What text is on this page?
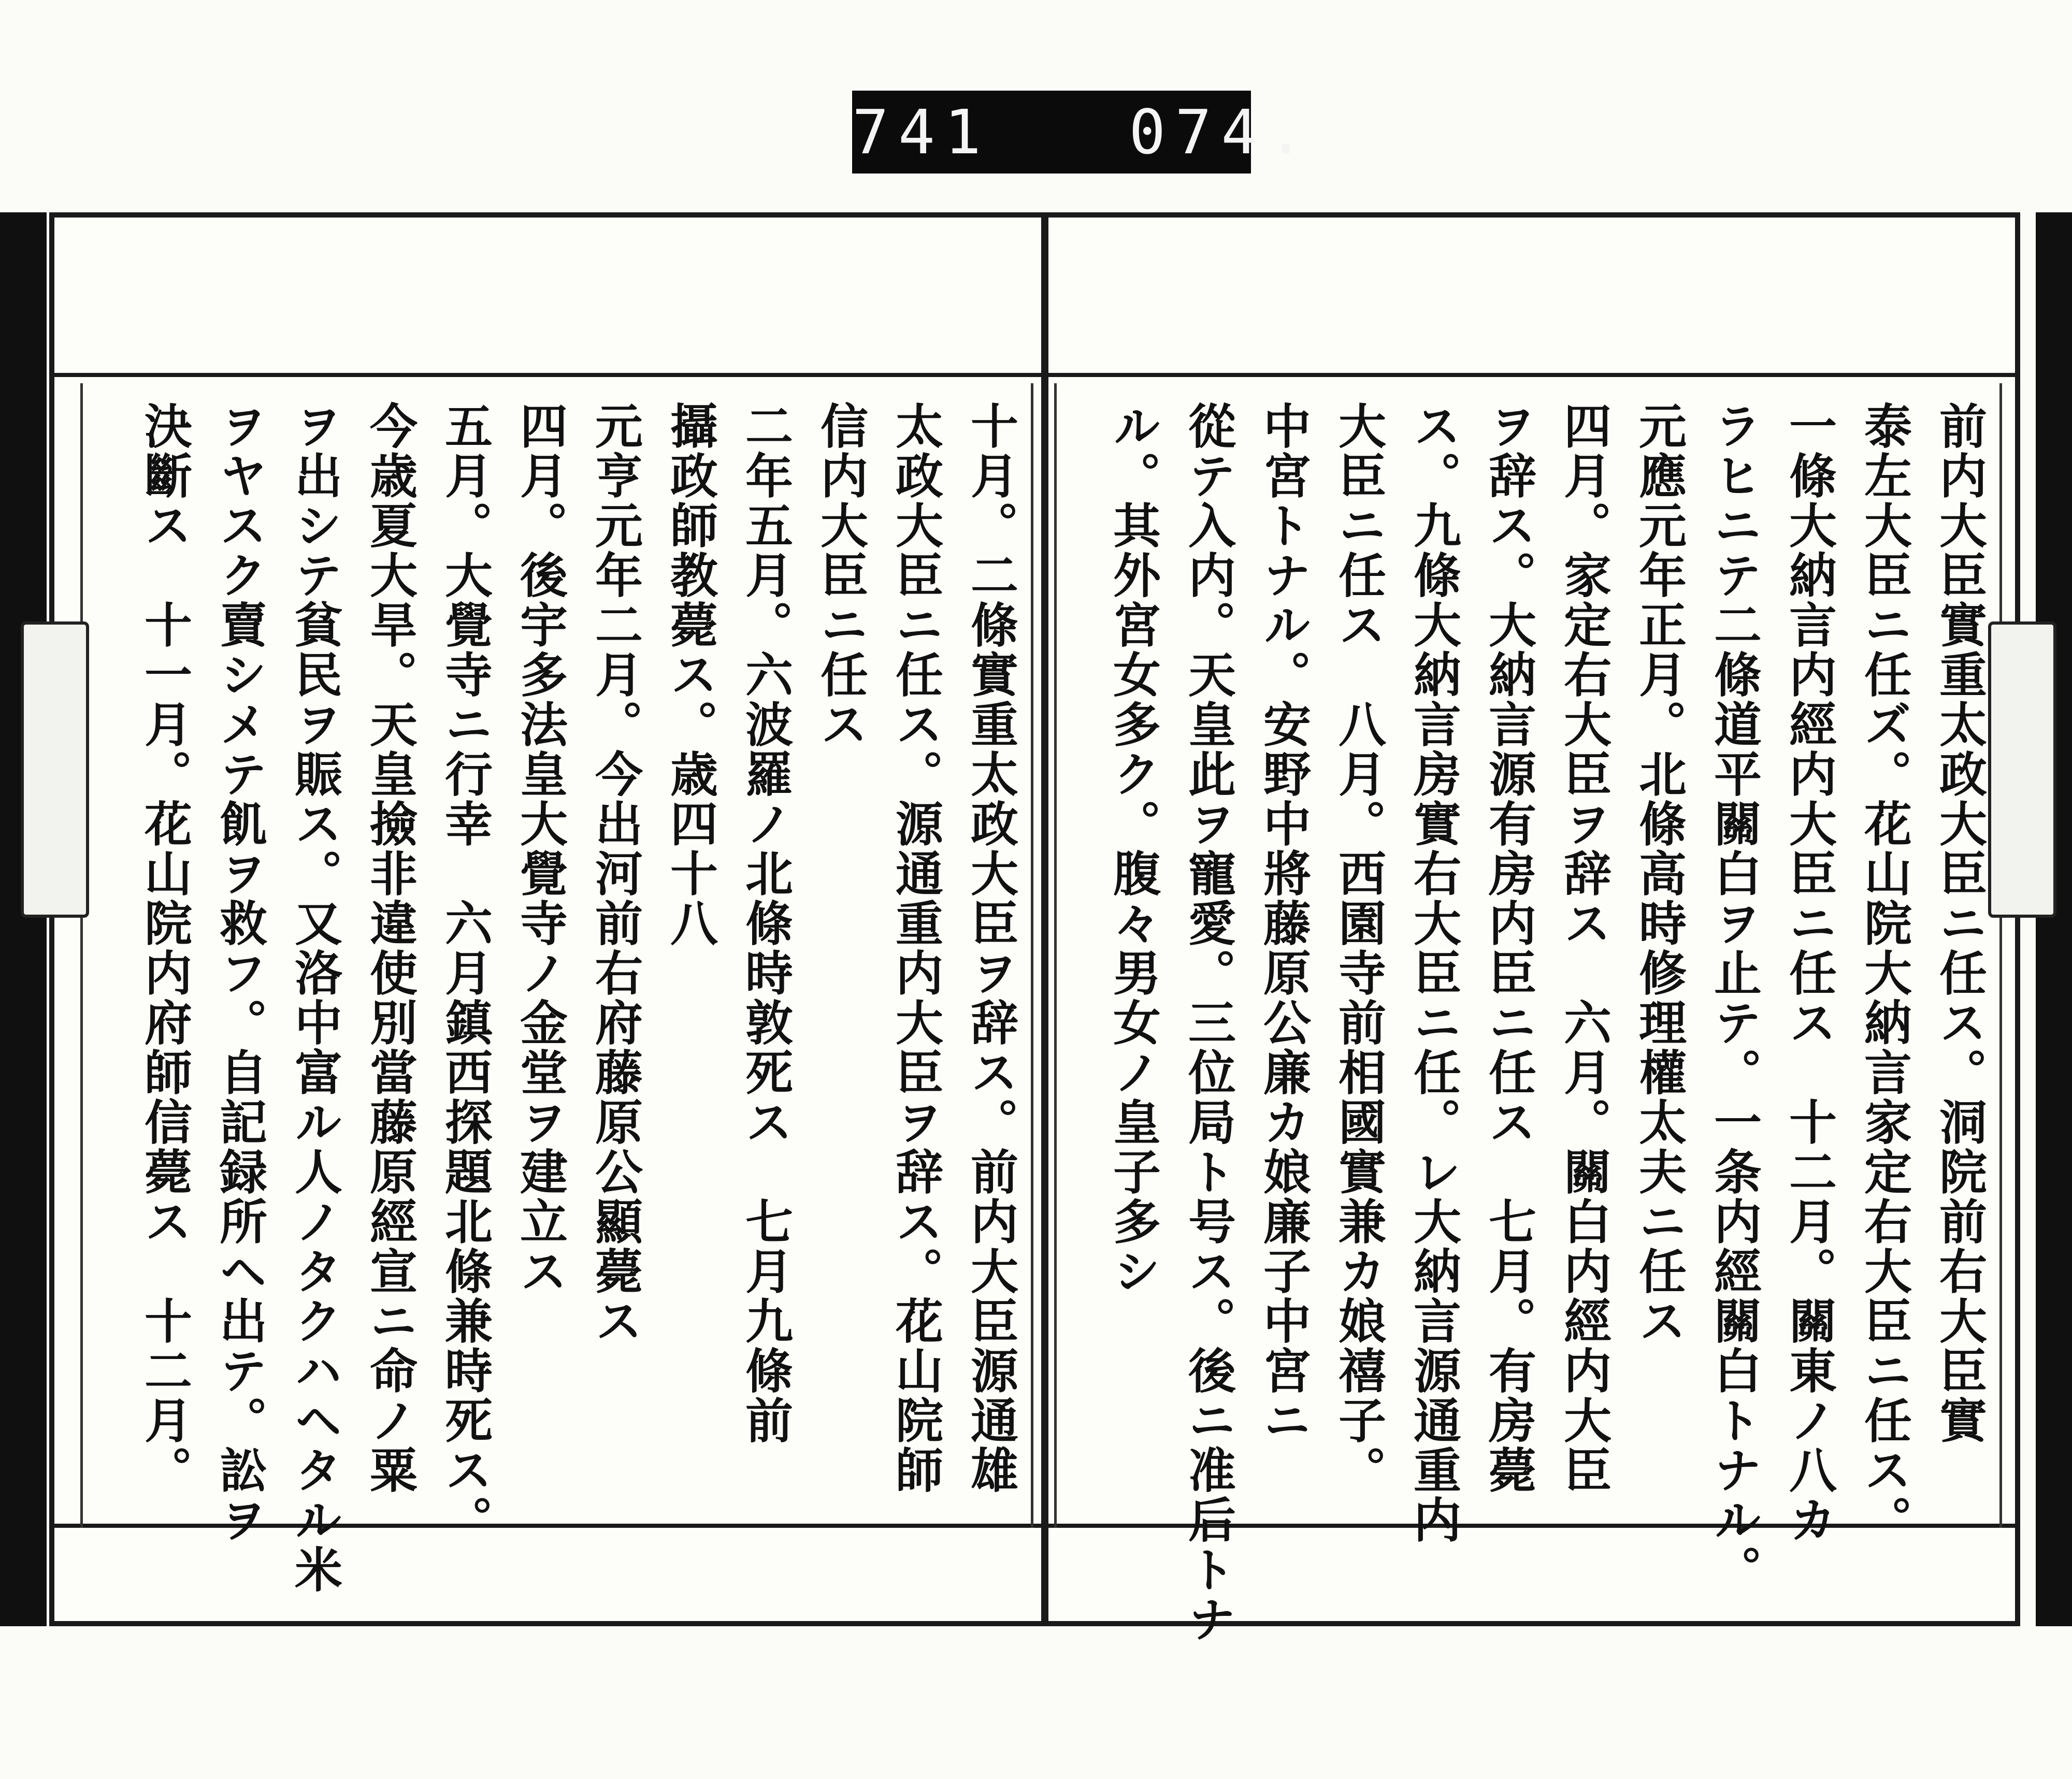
741   074.
十月。二條實重太政大臣ヲ辞ス。前内大臣源通雄
太政大臣ニ任ス。源通重内大臣ヲ辞ス。花山院師
信内大臣ニ任ス
二年五月。六波羅ノ北條時敦死ス　七月九條前
攝政師教薨ス。歳四十八
元亨元年二月。今出河前右府藤原公顯薨ス
四月。後宇多法皇大覺寺ノ金堂ヲ建立ス
五月。大覺寺ニ行幸　六月鎮西探題北條兼時死ス。
今歳夏大旱。天皇撿非違使別當藤原經宣ニ命ノ粟
ヲ出シテ貧民ヲ賑ス。又洛中富ル人ノタクハヘタル米
ヲヤスク賣シメテ飢ヲ救フ。自記録所ヘ出テ。訟ヲ
決斷ス　十一月。花山院内府師信薨ス　十二月。	前内大臣實重太政大臣ニ任ス。洞院前右大臣實
泰左大臣ニ任ズ。花山院大納言家定右大臣ニ任ス。
一條大納言内經内大臣ニ任ス　十二月。關東ノ八カ
ラヒニテ二條道平關白ヲ止テ。一条内經關白トナル。
元應元年正月。北條高時修理權太夫ニ任ス
四月。家定右大臣ヲ辞ス　六月。關白内經内大臣
ヲ辞ス。大納言源有房内臣ニ任ス　七月。有房薨
ス。九條大納言房實右大臣ニ任。レ大納言源通重内
大臣ニ任ス　八月。西園寺前相國實兼カ娘禧子。
中宮トナル。安野中將藤原公廉カ娘廉子中宮ニ
從テ入内。天皇此ヲ寵愛。三位局ト号ス。後ニ准后トナ
ル。其外宮女多ク。腹々男女ノ皇子多シ
